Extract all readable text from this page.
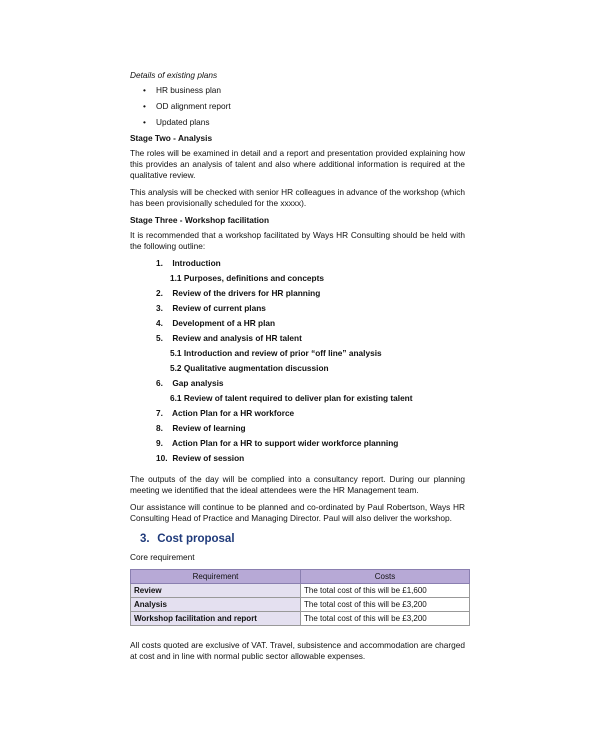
Details of existing plans

• HR business plan
• OD alignment report
• Updated plans

Stage Two - Analysis

The roles will be examined in detail and a report and presentation provided explaining how this provides an analysis of talent and also where additional information is required at the qualitative review.

This analysis will be checked with senior HR colleagues in advance of the workshop (which has been provisionally scheduled for the xxxxx).

Stage Three - Workshop facilitation

It is recommended that a workshop facilitated by Ways HR Consulting should be held with the following outline:

1. Introduction
1.1 Purposes, definitions and concepts
2. Review of the drivers for HR planning
3. Review of current plans
4. Development of a HR plan
5. Review and analysis of HR talent
5.1 Introduction and review of prior “off line” analysis
5.2 Qualitative augmentation discussion
6. Gap analysis
6.1 Review of talent required to deliver plan for existing talent
7. Action Plan for a HR workforce
8. Review of learning
9. Action Plan for a HR to support wider workforce planning
10. Review of session

The outputs of the day will be complied into a consultancy report. During our planning meeting we identified that the ideal attendees were the HR Management team.

Our assistance will continue to be planned and co-ordinated by Paul Robertson, Ways HR Consulting Head of Practice and Managing Director. Paul will also deliver the workshop.

3. Cost proposal

Core requirement

Requirement	Costs
Review	The total cost of this will be £1,600
Analysis	The total cost of this will be £3,200
Workshop facilitation and report	The total cost of this will be £3,200

All costs quoted are exclusive of VAT. Travel, subsistence and accommodation are charged at cost and in line with normal public sector allowable expenses.
